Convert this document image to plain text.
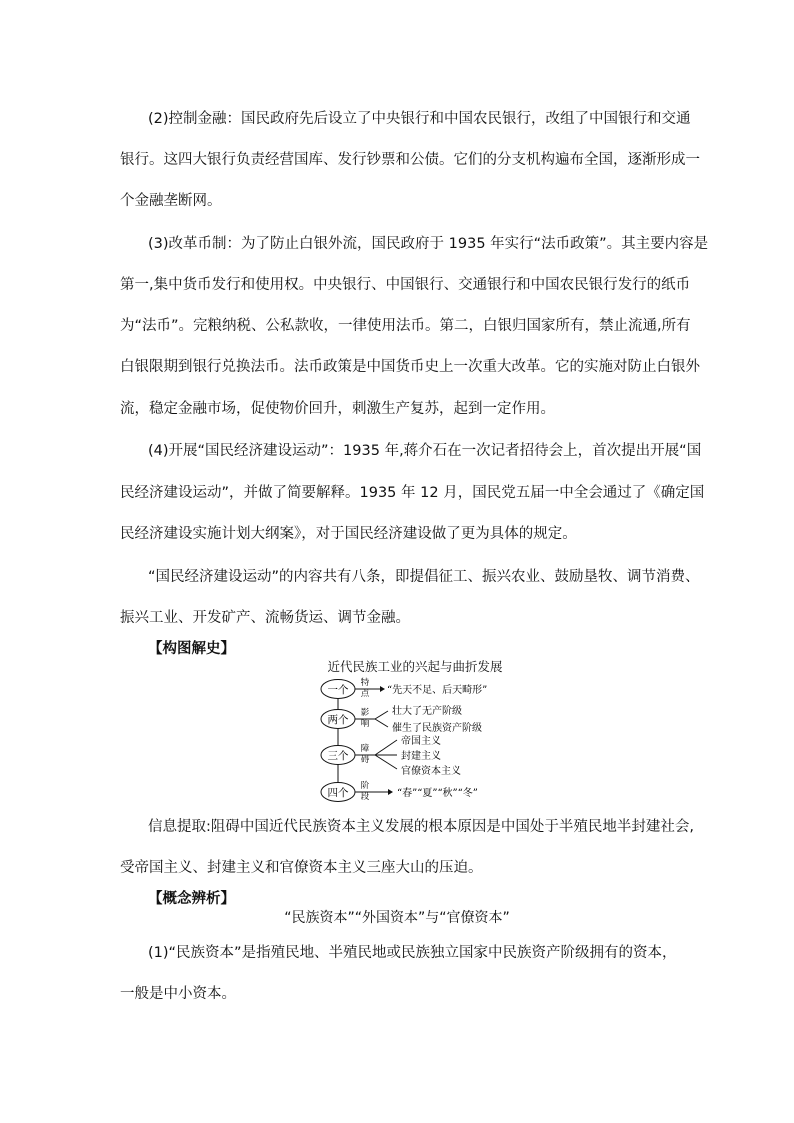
(2)控制金融：国民政府先后设立了中央银行和中国农民银行，改组了中国银行和交通
银行。这四大银行负责经营国库、发行钞票和公债。它们的分支机构遍布全国，逐渐形成一
个金融垄断网。
(3)改革币制：为了防止白银外流，国民政府于 1935 年实行“法币政策”。其主要内容是
第一,集中货币发行和使用权。中央银行、中国银行、交通银行和中国农民银行发行的纸币
为“法币”。完粮纳税、公私款收，一律使用法币。第二，白银归国家所有，禁止流通,所有
白银限期到银行兑换法币。法币政策是中国货币史上一次重大改革。它的实施对防止白银外
流，稳定金融市场，促使物价回升，刺激生产复苏，起到一定作用。
(4)开展“国民经济建设运动”：1935 年,蒋介石在一次记者招待会上，首次提出开展“国
民经济建设运动”，并做了简要解释。1935 年 12 月，国民党五届一中全会通过了《确定国
民经济建设实施计划大纲案》，对于国民经济建设做了更为具体的规定。
“国民经济建设运动”的内容共有八条，即提倡征工、振兴农业、鼓励垦牧、调节消费、
振兴工业、开发矿产、流畅货运、调节金融。
【构图解史】
近代民族工业的兴起与曲折发展
一个
特
点 “先天不足、后天畸形”
两个
影
响
壮大了无产阶级
催生了民族资产阶级
三个
障
碍
帝国主义
封建主义
官僚资本主义
四个
阶
段	“春”“夏”“秋”“冬”
信息提取:阻碍中国近代民族资本主义发展的根本原因是中国处于半殖民地半封建社会,
受帝国主义、封建主义和官僚资本主义三座大山的压迫。
【概念辨析】
“民族资本”“外国资本”与“官僚资本”
(1)“民族资本”是指殖民地、半殖民地或民族独立国家中民族资产阶级拥有的资本，
一般是中小资本。
